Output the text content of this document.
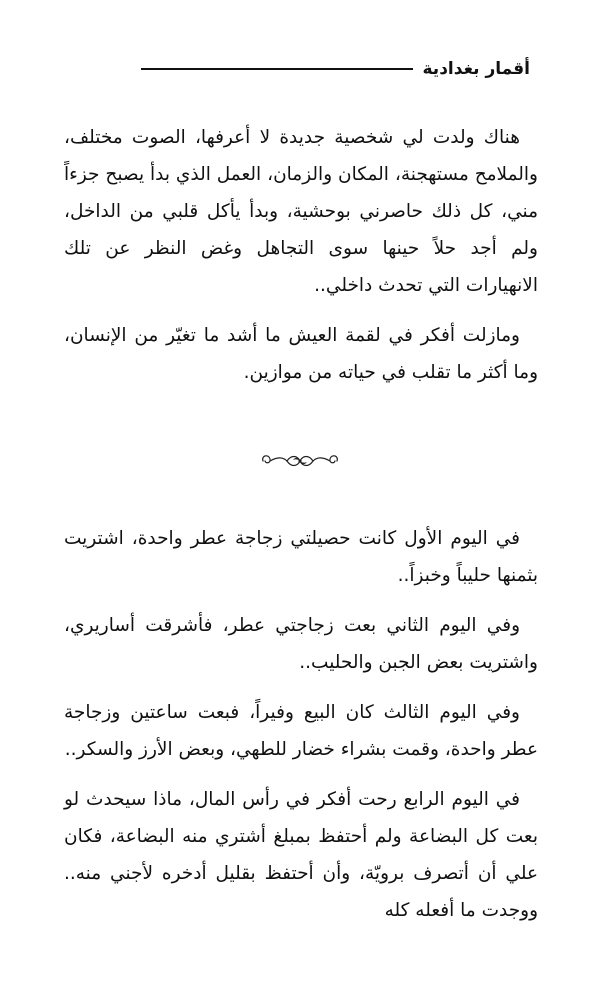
أقمار بغدادية

هناك ولدت لي شخصية جديدة لا أعرفها، الصوت مختلف، والملامح مستهجنة، المكان والزمان، العمل الذي بدأ يصبح جزءاً مني، كل ذلك حاصرني بوحشية، وبدأ يأكل قلبي من الداخل، ولم أجد حلاً حينها سوى التجاهل وغض النظر عن تلك الانهيارات التي تحدث داخلي..

ومازلت أفكر في لقمة العيش ما أشد ما تغيّر من الإنسان، وما أكثر ما تقلب في حياته من موازين.

في اليوم الأول كانت حصيلتي زجاجة عطر واحدة، اشتريت بثمنها حليباً وخبزاً..

وفي اليوم الثاني بعت زجاجتي عطر، فأشرقت أساريري، واشتريت بعض الجبن والحليب..

وفي اليوم الثالث كان البيع وفيراً، فبعت ساعتين وزجاجة عطر واحدة، وقمت بشراء خضار للطهي، وبعض الأرز والسكر..

في اليوم الرابع رحت أفكر في رأس المال، ماذا سيحدث لو بعت كل البضاعة ولم أحتفظ بمبلغ أشتري منه البضاعة، فكان علي أن أتصرف برويّة، وأن أحتفظ بقليل أدخره لأجني منه.. ووجدت ما أفعله كله
